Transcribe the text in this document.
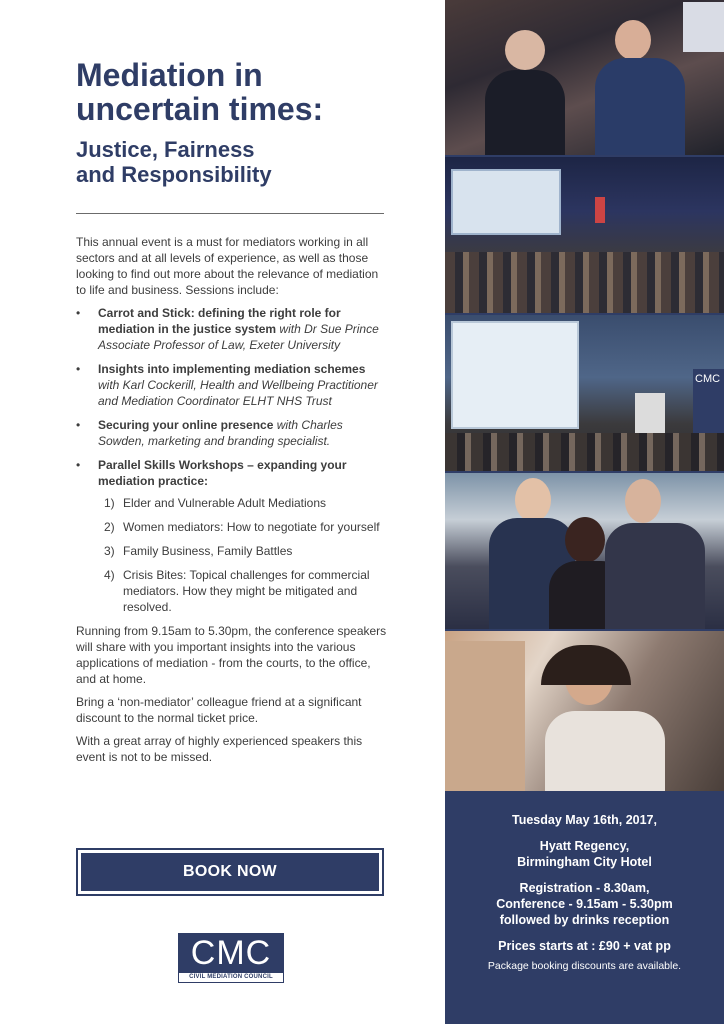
Mediation in uncertain times:
Justice, Fairness
and Responsibility

This annual event is a must for mediators working in all sectors and at all levels of experience, as well as those looking to find out more about the relevance of mediation to life and business. Sessions include:

• Carrot and Stick: defining the right role for mediation in the justice system with Dr Sue Prince Associate Professor of Law, Exeter University
• Insights into implementing mediation schemes with Karl Cockerill, Health and Wellbeing Practitioner and Mediation Coordinator ELHT NHS Trust
• Securing your online presence with Charles Sowden, marketing and branding specialist.
• Parallel Skills Workshops – expanding your mediation practice:
1) Elder and Vulnerable Adult Mediations
2) Women mediators: How to negotiate for yourself
3) Family Business, Family Battles
4) Crisis Bites: Topical challenges for commercial mediators. How they might be mitigated and resolved.

Running from 9.15am to 5.30pm, the conference speakers will share with you important insights into the various applications of mediation - from the courts, to the office, and at home.

Bring a ‘non-mediator’ colleague friend at a significant discount to the normal ticket price.

With a great array of highly experienced speakers this event is not to be missed.

BOOK NOW
CMC
CIVIL MEDIATION COUNCIL
CMC
Tuesday May 16th, 2017,
Hyatt Regency,
Birmingham City Hotel
Registration - 8.30am,
Conference - 9.15am - 5.30pm
followed by drinks reception
Prices starts at : £90 + vat pp
Package booking discounts are available.
